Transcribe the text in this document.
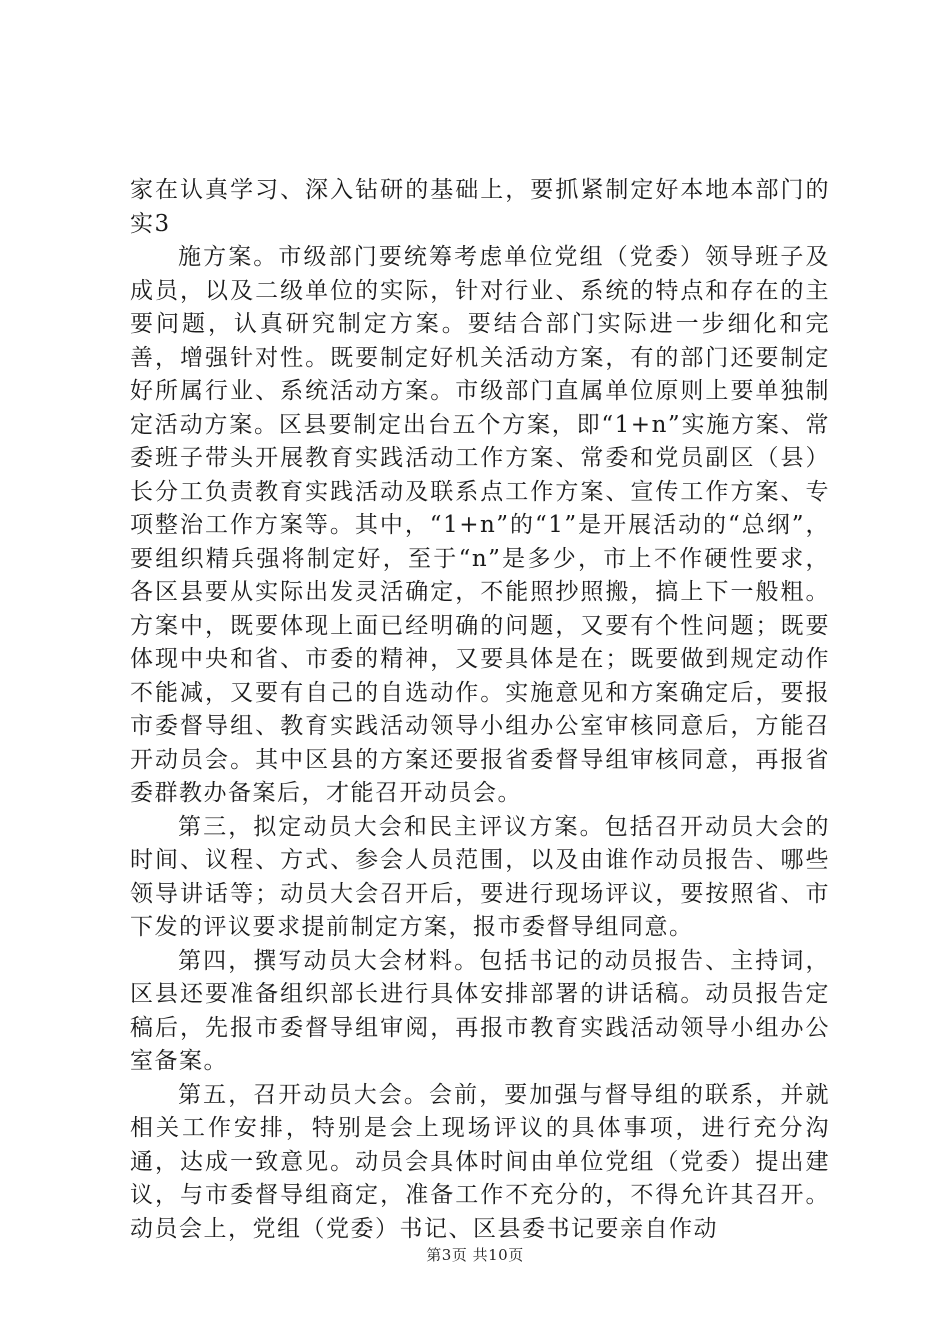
家在认真学习、深入钻研的基础上，要抓紧制定好本地本部门的实3

施方案。市级部门要统筹考虑单位党组（党委）领导班子及成员，以及二级单位的实际，针对行业、系统的特点和存在的主要问题，认真研究制定方案。要结合部门实际进一步细化和完善，增强针对性。既要制定好机关活动方案，有的部门还要制定好所属行业、系统活动方案。市级部门直属单位原则上要单独制定活动方案。区县要制定出台五个方案，即“1+n”实施方案、常委班子带头开展教育实践活动工作方案、常委和党员副区（县）长分工负责教育实践活动及联系点工作方案、宣传工作方案、专项整治工作方案等。其中，“1+n”的“1”是开展活动的“总纲”，要组织精兵强将制定好，至于“n”是多少，市上不作硬性要求，各区县要从实际出发灵活确定，不能照抄照搬，搞上下一般粗。方案中，既要体现上面已经明确的问题，又要有个性问题；既要体现中央和省、市委的精神，又要具体是在；既要做到规定动作不能减，又要有自己的自选动作。实施意见和方案确定后，要报市委督导组、教育实践活动领导小组办公室审核同意后，方能召开动员会。其中区县的方案还要报省委督导组审核同意，再报省委群教办备案后，才能召开动员会。

第三，拟定动员大会和民主评议方案。包括召开动员大会的时间、议程、方式、参会人员范围，以及由谁作动员报告、哪些领导讲话等；动员大会召开后，要进行现场评议，要按照省、市下发的评议要求提前制定方案，报市委督导组同意。

第四，撰写动员大会材料。包括书记的动员报告、主持词，区县还要准备组织部长进行具体安排部署的讲话稿。动员报告定稿后，先报市委督导组审阅，再报市教育实践活动领导小组办公室备案。

第五，召开动员大会。会前，要加强与督导组的联系，并就相关工作安排，特别是会上现场评议的具体事项，进行充分沟通，达成一致意见。动员会具体时间由单位党组（党委）提出建议，与市委督导组商定，准备工作不充分的，不得允许其召开。动员会上，党组（党委）书记、区县委书记要亲自作动

第3页 共10页
